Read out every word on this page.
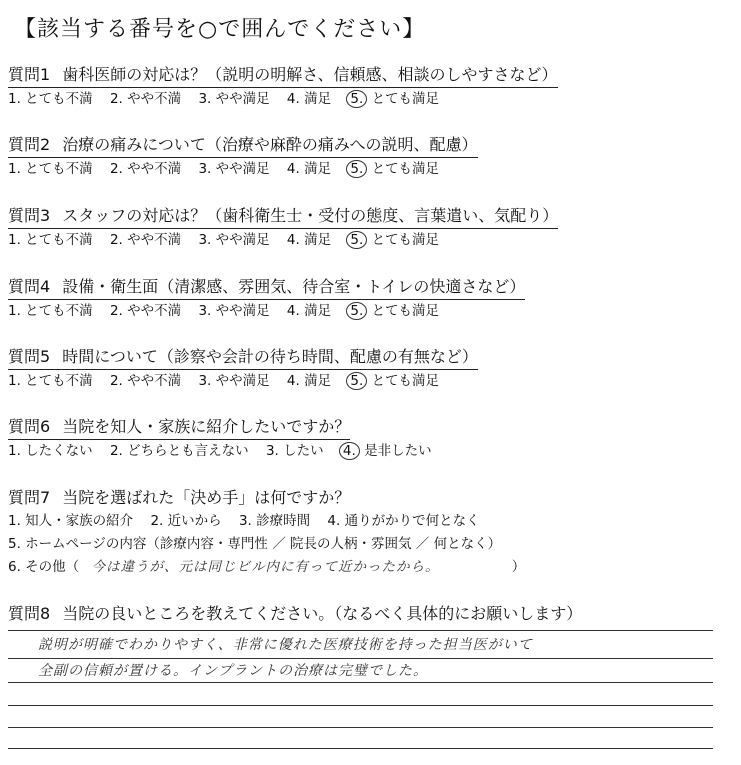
【該当する番号を○で囲んでください】
質問1 歯科医師の対応は？（説明の明解さ、信頼感、相談のしやすさなど）
1. とても不満 2. やや不満 3. やや満足 4. 満足 5. とても満足
質問2 治療の痛みについて（治療や麻酔の痛みへの説明、配慮）
1. とても不満 2. やや不満 3. やや満足 4. 満足 5. とても満足
質問3 スタッフの対応は？（歯科衛生士・受付の態度、言葉遣い、気配り）
1. とても不満 2. やや不満 3. やや満足 4. 満足 5. とても満足
質問4 設備・衛生面（清潔感、雰囲気、待合室・トイレの快適さなど）
1. とても不満 2. やや不満 3. やや満足 4. 満足 5. とても満足
質問5 時間について（診察や会計の待ち時間、配慮の有無など）
1. とても不満 2. やや不満 3. やや満足 4. 満足 5. とても満足
質問6 当院を知人・家族に紹介したいですか？
1. したくない 2. どちらとも言えない 3. したい 4. 是非したい
質問7 当院を選ばれた「決め手」は何ですか？
1. 知人・家族の紹介 2. 近いから 3. 診療時間 4. 通りがかりで何となく
5. ホームページの内容（診療内容・専門性 ／ 院長の人柄・雰囲気 ／ 何となく）
6. その他（ 今は違うが、元は同じビル内に有って近かったから。	）
質問8 当院の良いところを教えてください。（なるべく具体的にお願いします）
説明が明確でわかりやすく、非常に優れた医療技術を持った担当医がいて
全副の信頼が置ける。インプラントの治療は完璧でした。
